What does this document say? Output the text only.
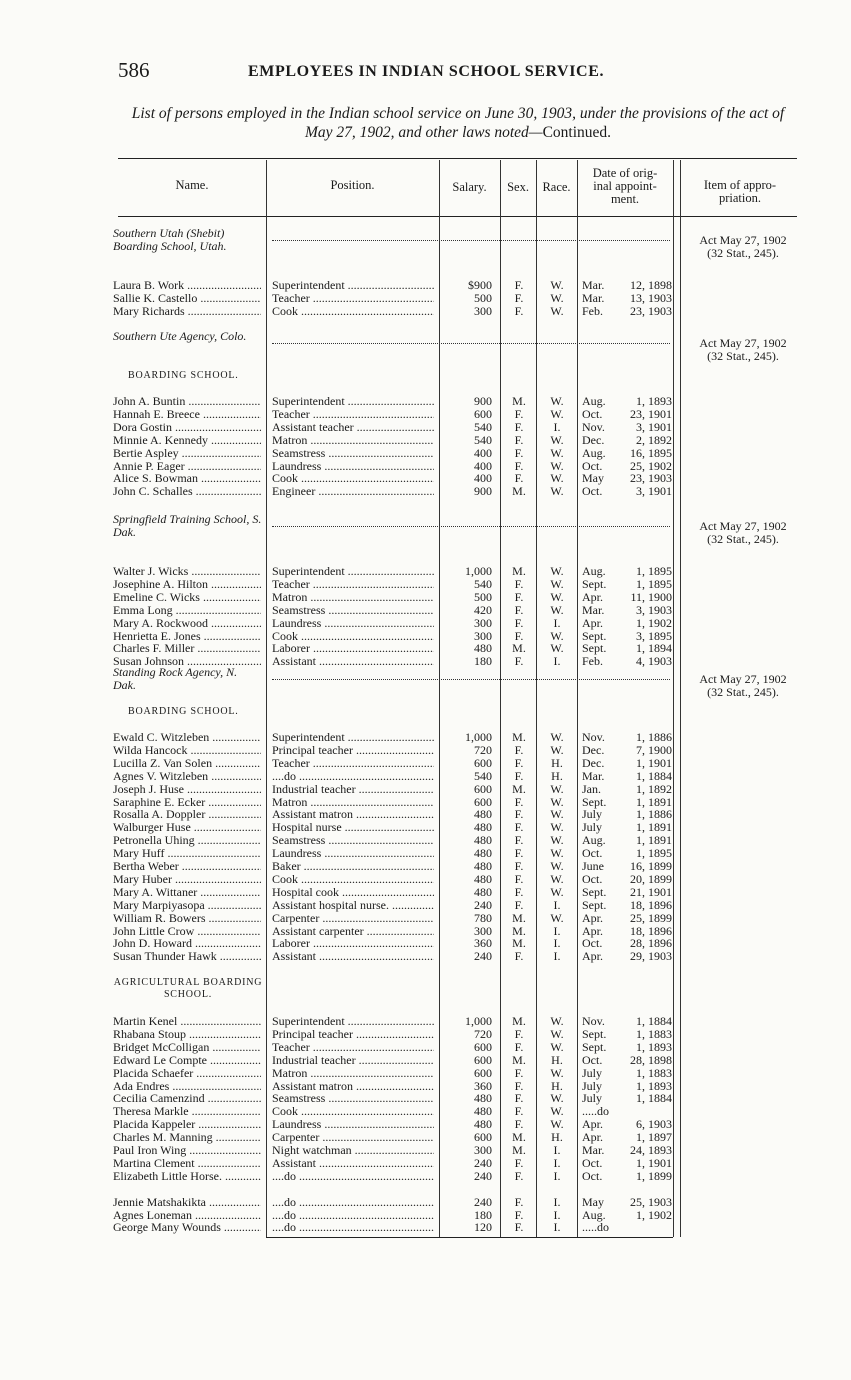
586	EMPLOYEES IN INDIAN SCHOOL SERVICE.
List of persons employed in the Indian school service on June 30, 1903, under the provisions of the act of May 27, 1902, and other laws noted—Continued.
Name.	Position.	Salary.	Sex.	Race.
Date of orig-
inal appoint-
ment.
Item of appro-
priation.
Southern Utah (Shebit) Boarding School, Utah.	Act May 27, 1902
(32 Stat., 245).
Laura B. Work .....	Superintendent .....	$900	F.	W.	Mar.	12, 1898
Sallie K. Castello .....	Teacher .....	500	F.	W.	Mar.	13, 1903
Mary Richards .....	Cook .....	300	F.	W.	Feb.	23, 1903
Southern Ute Agency, Colo.	Act May 27, 1902
(32 Stat., 245).
BOARDING SCHOOL.
John A. Buntin .....	Superintendent .....	900	M.	W.	Aug.	1, 1893
Hannah E. Breece .....	Teacher .....	600	F.	W.	Oct.	23, 1901
Dora Gostin .....	Assistant teacher .....	540	F.	I.	Nov.	3, 1901
Minnie A. Kennedy .....	Matron .....	540	F.	W.	Dec.	2, 1892
Bertie Aspley .....	Seamstress .....	400	F.	W.	Aug.	16, 1895
Annie P. Eager .....	Laundress .....	400	F.	W.	Oct.	25, 1902
Alice S. Bowman .....	Cook .....	400	F.	W.	May	23, 1903
John C. Schalles .....	Engineer .....	900	M.	W.	Oct.	3, 1901
Springfield Training School, S. Dak.	Act May 27, 1902
(32 Stat., 245).
Walter J. Wicks .....	Superintendent .....	1,000	M.	W.	Aug.	1, 1895
Josephine A. Hilton .....	Teacher .....	540	F.	W.	Sept.	1, 1895
Emeline C. Wicks .....	Matron .....	500	F.	W.	Apr.	11, 1900
Emma Long .....	Seamstress .....	420	F.	W.	Mar.	3, 1903
Mary A. Rockwood .....	Laundress .....	300	F.	I.	Apr.	1, 1902
Henrietta E. Jones .....	Cook .....	300	F.	W.	Sept.	3, 1895
Charles F. Miller .....	Laborer .....	480	M.	W.	Sept.	1, 1894
Susan Johnson .....	Assistant .....	180	F.	I.	Feb.	4, 1903
Standing Rock Agency, N. Dak.	Act May 27, 1902
(32 Stat., 245).
BOARDING SCHOOL.
Ewald C. Witzleben .....	Superintendent .....	1,000	M.	W.	Nov.	1, 1886
Wilda Hancock .....	Principal teacher .....	720	F.	W.	Dec.	7, 1900
Lucilla Z. Van Solen .....	Teacher .....	600	F.	H.	Dec.	1, 1901
Agnes V. Witzleben .....	....do .....	540	F.	H.	Mar.	1, 1884
Joseph J. Huse .....	Industrial teacher .....	600	M.	W.	Jan.	1, 1892
Saraphine E. Ecker .....	Matron .....	600	F.	W.	Sept.	1, 1891
Rosalla A. Doppler .....	Assistant matron .....	480	F.	W.	July	1, 1886
Walburger Huse .....	Hospital nurse .....	480	F.	W.	July	1, 1891
Petronella Uhing .....	Seamstress .....	480	F.	W.	Aug.	1, 1891
Mary Huff .....	Laundress .....	480	F.	W.	Oct.	1, 1895
Bertha Weber .....	Baker .....	480	F.	W.	June	16, 1899
Mary Huber .....	Cook .....	480	F.	W.	Oct.	20, 1899
Mary A. Wittaner .....	Hospital cook .....	480	F.	W.	Sept.	21, 1901
Mary Marpiyasopa .....	Assistant hospital nurse. .....	240	F.	I.	Sept.	18, 1896
William R. Bowers .....	Carpenter .....	780	M.	W.	Apr.	25, 1899
John Little Crow .....	Assistant carpenter .....	300	M.	I.	Apr.	18, 1896
John D. Howard .....	Laborer .....	360	M.	I.	Oct.	28, 1896
Susan Thunder Hawk .....	Assistant .....	240	F.	I.	Apr.	29, 1903
AGRICULTURAL BOARDING SCHOOL.
Martin Kenel .....	Superintendent .....	1,000	M.	W.	Nov.	1, 1884
Rhabana Stoup .....	Principal teacher .....	720	F.	W.	Sept.	1, 1883
Bridget McColligan .....	Teacher .....	600	F.	W.	Sept.	1, 1893
Edward Le Compte .....	Industrial teacher .....	600	M.	H.	Oct.	28, 1898
Placida Schaefer .....	Matron .....	600	F.	W.	July	1, 1883
Ada Endres .....	Assistant matron .....	360	F.	H.	July	1, 1893
Cecilia Camenzind .....	Seamstress .....	480	F.	W.	July	1, 1884
Theresa Markle .....	Cook .....	480	F.	W.	.....do
Placida Kappeler .....	Laundress .....	480	F.	W.	Apr.	6, 1903
Charles M. Manning .....	Carpenter .....	600	M.	H.	Apr.	1, 1897
Paul Iron Wing .....	Night watchman .....	300	M.	I.	Mar.	24, 1893
Martina Clement .....	Assistant .....	240	F.	I.	Oct.	1, 1901
Elizabeth Little Horse. .....	....do .....	240	F.	I.	Oct.	1, 1899
Jennie Matshakikta .....	....do .....	240	F.	I.	May	25, 1903
Agnes Loneman .....	....do .....	180	F.	I.	Aug.	1, 1902
George Many Wounds .....	....do .....	120	F.	I.	.....do
